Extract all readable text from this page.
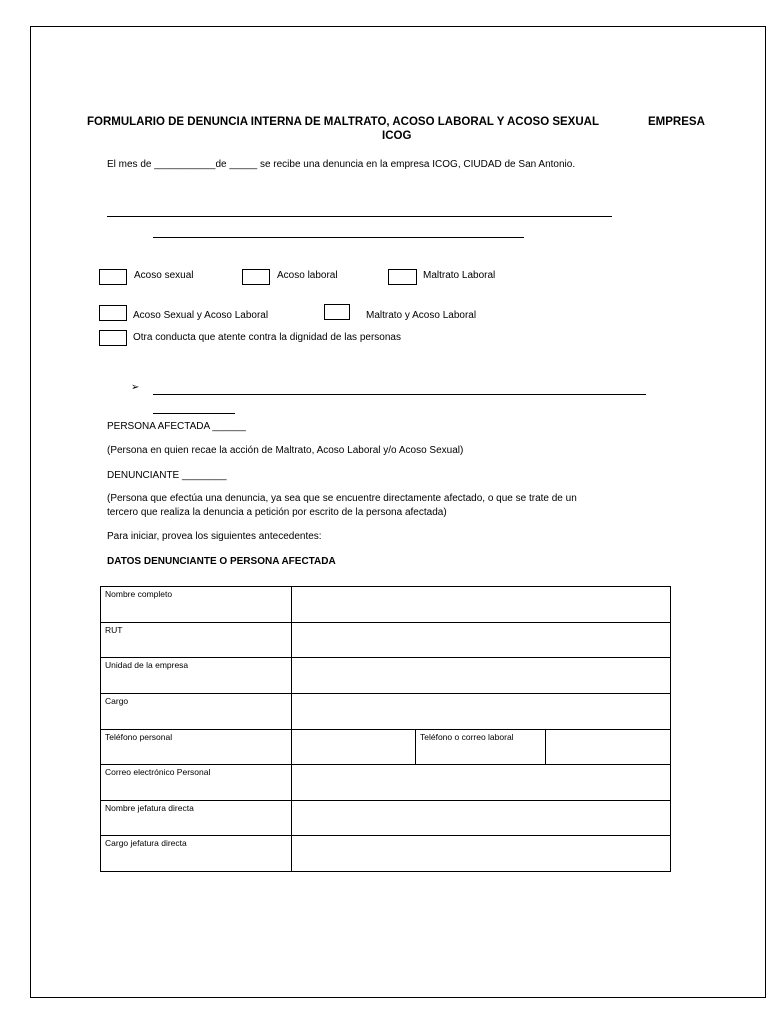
FORMULARIO DE DENUNCIA INTERNA DE MALTRATO, ACOSO LABORAL Y ACOSO SEXUAL	EMPRESA
ICOG
El mes de ___________de _____ se recibe una denuncia en la empresa ICOG, CIUDAD de San Antonio.
Acoso sexual	Acoso laboral	Maltrato Laboral
Acoso Sexual y Acoso Laboral	Maltrato y Acoso Laboral
Otra conducta que atente contra la dignidad de las personas
➢
PERSONA AFECTADA ______
(Persona en quien recae la acción de Maltrato, Acoso Laboral y/o Acoso Sexual)
DENUNCIANTE ________
(Persona que efectúa una denuncia, ya sea que se encuentre directamente afectado, o que se trate de un
tercero que realiza la denuncia a petición por escrito de la persona afectada)
Para iniciar, provea los siguientes antecedentes:
DATOS DENUNCIANTE O PERSONA AFECTADA
Nombre completo			
RUT			
Unidad de la empresa			
Cargo			
Teléfono personal		Teléfono o correo laboral	
Correo electrónico Personal			
Nombre jefatura directa			
Cargo jefatura directa			
